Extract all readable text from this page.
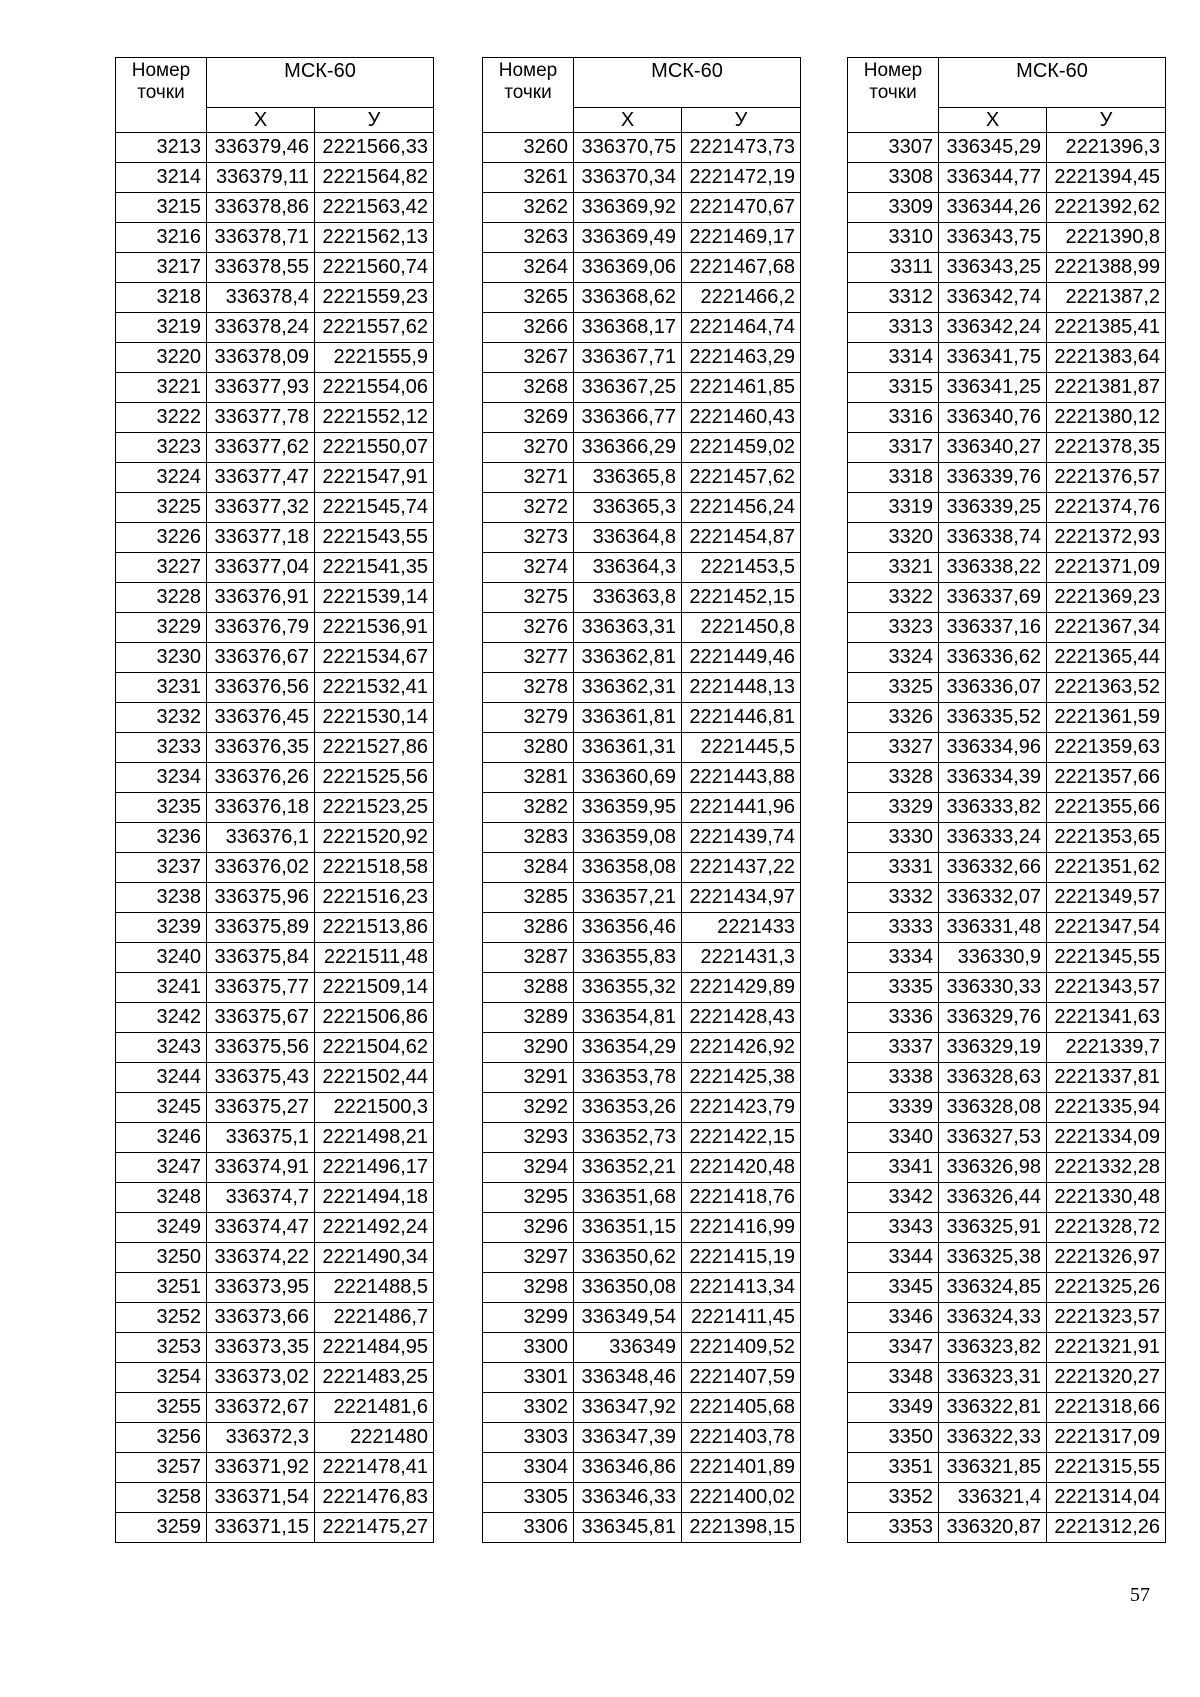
Номер точки	МСК-60	
	X	У
3213	336379,46	2221566,33
3214	336379,11	2221564,82
3215	336378,86	2221563,42
3216	336378,71	2221562,13
3217	336378,55	2221560,74
3218	336378,4	2221559,23
3219	336378,24	2221557,62
3220	336378,09	2221555,9
3221	336377,93	2221554,06
3222	336377,78	2221552,12
3223	336377,62	2221550,07
3224	336377,47	2221547,91
3225	336377,32	2221545,74
3226	336377,18	2221543,55
3227	336377,04	2221541,35
3228	336376,91	2221539,14
3229	336376,79	2221536,91
3230	336376,67	2221534,67
3231	336376,56	2221532,41
3232	336376,45	2221530,14
3233	336376,35	2221527,86
3234	336376,26	2221525,56
3235	336376,18	2221523,25
3236	336376,1	2221520,92
3237	336376,02	2221518,58
3238	336375,96	2221516,23
3239	336375,89	2221513,86
3240	336375,84	2221511,48
3241	336375,77	2221509,14
3242	336375,67	2221506,86
3243	336375,56	2221504,62
3244	336375,43	2221502,44
3245	336375,27	2221500,3
3246	336375,1	2221498,21
3247	336374,91	2221496,17
3248	336374,7	2221494,18
3249	336374,47	2221492,24
3250	336374,22	2221490,34
3251	336373,95	2221488,5
3252	336373,66	2221486,7
3253	336373,35	2221484,95
3254	336373,02	2221483,25
3255	336372,67	2221481,6
3256	336372,3	2221480
3257	336371,92	2221478,41
3258	336371,54	2221476,83
3259	336371,15	2221475,27
Номер точки	МСК-60	
	X	У
3260	336370,75	2221473,73
3261	336370,34	2221472,19
3262	336369,92	2221470,67
3263	336369,49	2221469,17
3264	336369,06	2221467,68
3265	336368,62	2221466,2
3266	336368,17	2221464,74
3267	336367,71	2221463,29
3268	336367,25	2221461,85
3269	336366,77	2221460,43
3270	336366,29	2221459,02
3271	336365,8	2221457,62
3272	336365,3	2221456,24
3273	336364,8	2221454,87
3274	336364,3	2221453,5
3275	336363,8	2221452,15
3276	336363,31	2221450,8
3277	336362,81	2221449,46
3278	336362,31	2221448,13
3279	336361,81	2221446,81
3280	336361,31	2221445,5
3281	336360,69	2221443,88
3282	336359,95	2221441,96
3283	336359,08	2221439,74
3284	336358,08	2221437,22
3285	336357,21	2221434,97
3286	336356,46	2221433
3287	336355,83	2221431,3
3288	336355,32	2221429,89
3289	336354,81	2221428,43
3290	336354,29	2221426,92
3291	336353,78	2221425,38
3292	336353,26	2221423,79
3293	336352,73	2221422,15
3294	336352,21	2221420,48
3295	336351,68	2221418,76
3296	336351,15	2221416,99
3297	336350,62	2221415,19
3298	336350,08	2221413,34
3299	336349,54	2221411,45
3300	336349	2221409,52
3301	336348,46	2221407,59
3302	336347,92	2221405,68
3303	336347,39	2221403,78
3304	336346,86	2221401,89
3305	336346,33	2221400,02
3306	336345,81	2221398,15
Номер точки	МСК-60	
	X	У
3307	336345,29	2221396,3
3308	336344,77	2221394,45
3309	336344,26	2221392,62
3310	336343,75	2221390,8
3311	336343,25	2221388,99
3312	336342,74	2221387,2
3313	336342,24	2221385,41
3314	336341,75	2221383,64
3315	336341,25	2221381,87
3316	336340,76	2221380,12
3317	336340,27	2221378,35
3318	336339,76	2221376,57
3319	336339,25	2221374,76
3320	336338,74	2221372,93
3321	336338,22	2221371,09
3322	336337,69	2221369,23
3323	336337,16	2221367,34
3324	336336,62	2221365,44
3325	336336,07	2221363,52
3326	336335,52	2221361,59
3327	336334,96	2221359,63
3328	336334,39	2221357,66
3329	336333,82	2221355,66
3330	336333,24	2221353,65
3331	336332,66	2221351,62
3332	336332,07	2221349,57
3333	336331,48	2221347,54
3334	336330,9	2221345,55
3335	336330,33	2221343,57
3336	336329,76	2221341,63
3337	336329,19	2221339,7
3338	336328,63	2221337,81
3339	336328,08	2221335,94
3340	336327,53	2221334,09
3341	336326,98	2221332,28
3342	336326,44	2221330,48
3343	336325,91	2221328,72
3344	336325,38	2221326,97
3345	336324,85	2221325,26
3346	336324,33	2221323,57
3347	336323,82	2221321,91
3348	336323,31	2221320,27
3349	336322,81	2221318,66
3350	336322,33	2221317,09
3351	336321,85	2221315,55
3352	336321,4	2221314,04
3353	336320,87	2221312,26
57
